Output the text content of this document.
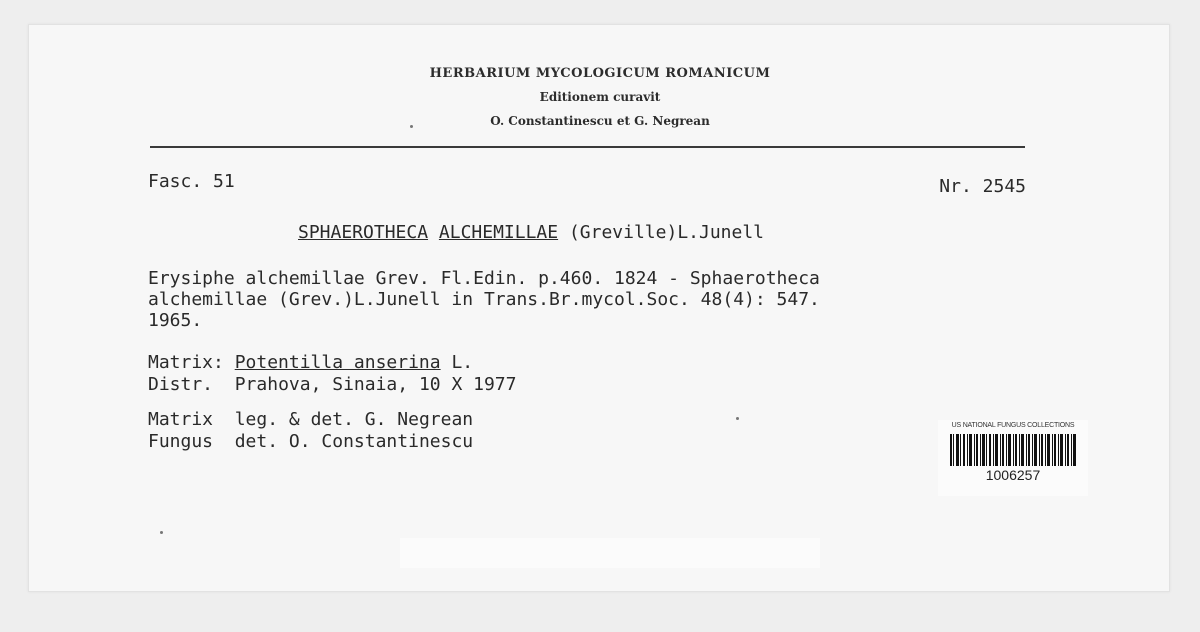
HERBARIUM MYCOLOGICUM ROMANICUM
Editionem curavit
O. Constantinescu et G. Negrean
Fasc. 51	Nr. 2545
SPHAEROTHECA ALCHEMILLAE (Greville)L.Junell
Erysiphe alchemillae Grev. Fl.Edin. p.460. 1824 - Sphaerotheca
alchemillae (Grev.)L.Junell in Trans.Br.mycol.Soc. 48(4): 547.
1965.
Matrix: Potentilla anserina L.
Distr. Prahova, Sinaia, 10 X 1977
Matrix leg. & det. G. Negrean
Fungus det. O. Constantinescu
US NATIONAL FUNGUS COLLECTIONS
1006257
